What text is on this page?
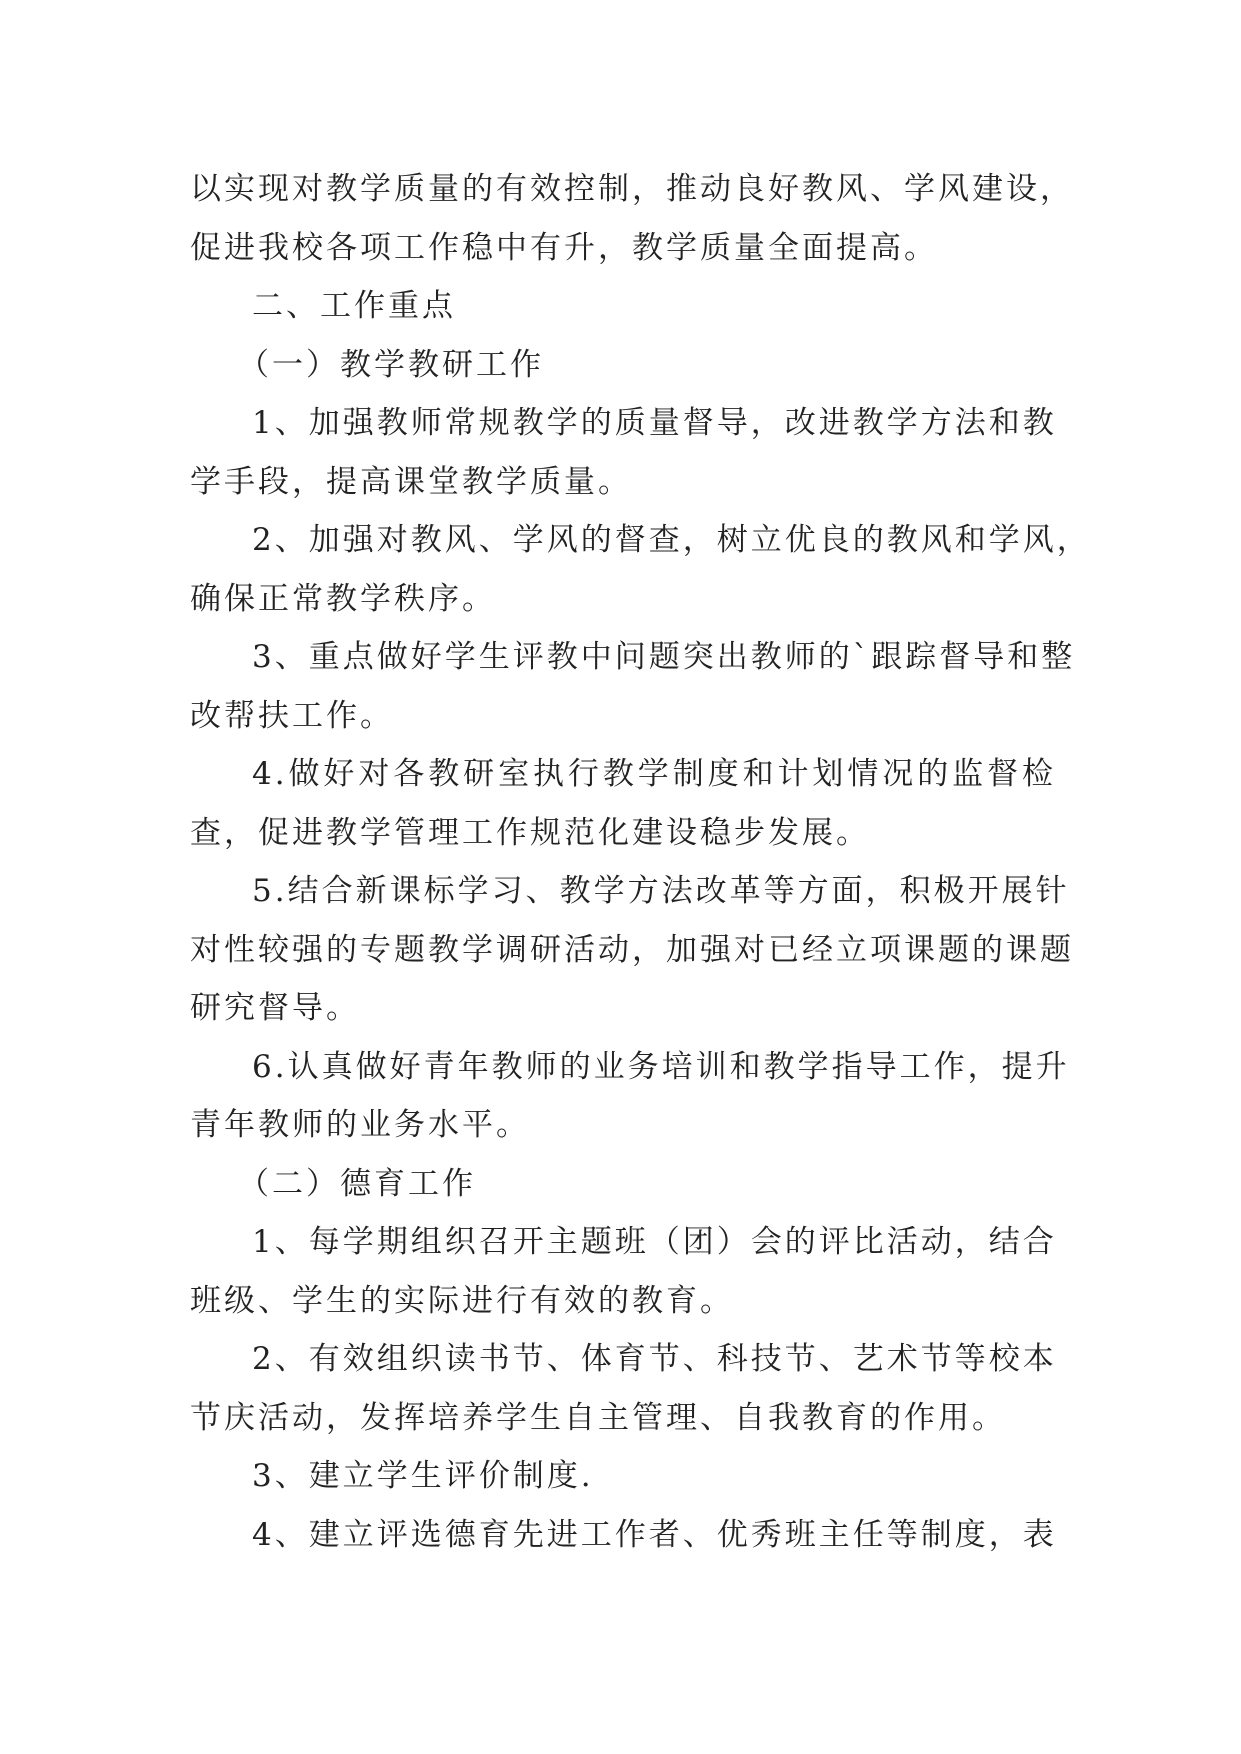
以实现对教学质量的有效控制，推动良好教风、学风建设，
促进我校各项工作稳中有升，教学质量全面提高。
二、工作重点
（一）教学教研工作
1、加强教师常规教学的质量督导，改进教学方法和教
学手段，提高课堂教学质量。
2、加强对教风、学风的督查，树立优良的教风和学风，
确保正常教学秩序。
3、重点做好学生评教中问题突出教师的`跟踪督导和整
改帮扶工作。
4.做好对各教研室执行教学制度和计划情况的监督检
查，促进教学管理工作规范化建设稳步发展。
5.结合新课标学习、教学方法改革等方面，积极开展针
对性较强的专题教学调研活动，加强对已经立项课题的课题
研究督导。
6.认真做好青年教师的业务培训和教学指导工作，提升
青年教师的业务水平。
（二）德育工作
1、每学期组织召开主题班（团）会的评比活动，结合
班级、学生的实际进行有效的教育。
2、有效组织读书节、体育节、科技节、艺术节等校本
节庆活动，发挥培养学生自主管理、自我教育的作用。
3、建立学生评价制度.
4、建立评选德育先进工作者、优秀班主任等制度，表
